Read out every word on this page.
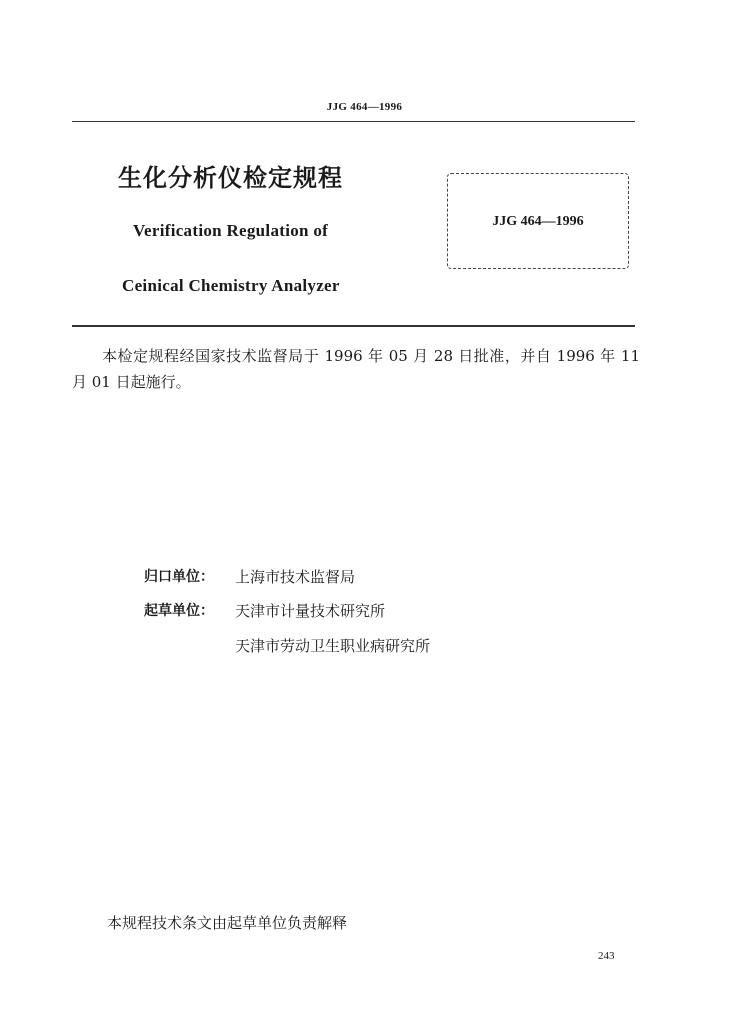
JJG 464—1996
生化分析仪检定规程
Verification Regulation of
Ceinical Chemistry Analyzer
JJG 464—1996
本检定规程经国家技术监督局于 1996 年 05 月 28 日批准，并自 1996 年 11 月 01 日起施行。
归口单位： 上海市技术监督局
起草单位： 天津市计量技术研究所
天津市劳动卫生职业病研究所
本规程技术条文由起草单位负责解释
243
